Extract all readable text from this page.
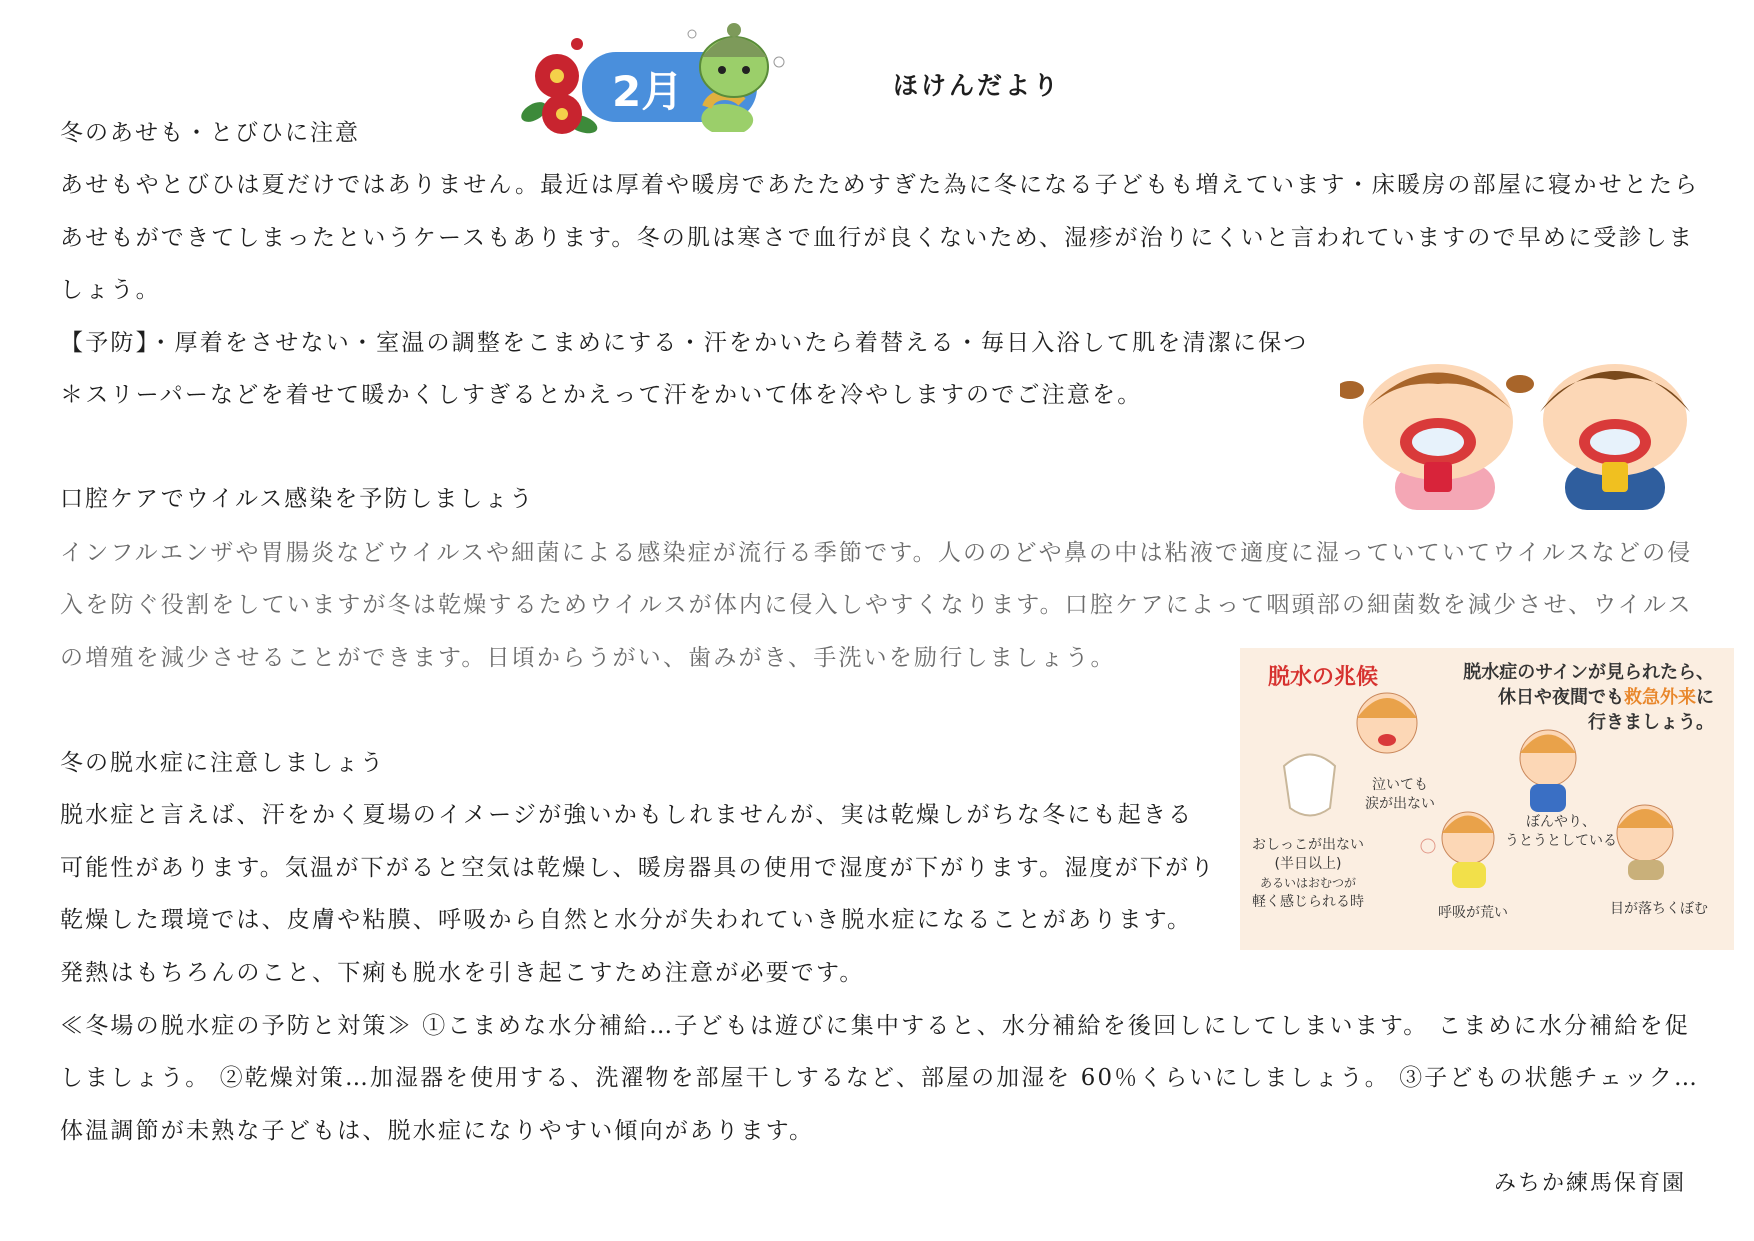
2月	ほけんだより
冬のあせも・とびひに注意
あせもやとびひは夏だけではありません。最近は厚着や暖房であたためすぎた為に冬になる子どもも増えています・床暖房の部屋に寝かせとたら
あせもができてしまったというケースもあります。冬の肌は寒さで血行が良くないため、湿疹が治りにくいと言われていますので早めに受診しま
しょう。
【予防】・厚着をさせない・室温の調整をこまめにする・汗をかいたら着替える・毎日入浴して肌を清潔に保つ
＊スリーパーなどを着せて暖かくしすぎるとかえって汗をかいて体を冷やしますのでご注意を。
口腔ケアでウイルス感染を予防しましょう
インフルエンザや胃腸炎などウイルスや細菌による感染症が流行る季節です。人ののどや鼻の中は粘液で適度に湿っていていてウイルスなどの侵
入を防ぐ役割をしていますが冬は乾燥するためウイルスが体内に侵入しやすくなります。口腔ケアによって咽頭部の細菌数を減少させ、ウイルス
の増殖を減少させることができます。日頃からうがい、歯みがき、手洗いを励行しましょう。
脱水の兆候	脱水症のサインが見られたら、
休日や夜間でも救急外来に
行きましょう。
泣いても
涙が出ない
おしっこが出ない
(半日以上)
あるいはおむつが
軽く感じられる時
ぼんやり、
うとうとしている
呼吸が荒い	目が落ちくぼむ
冬の脱水症に注意しましょう
脱水症と言えば、汗をかく夏場のイメージが強いかもしれませんが、実は乾燥しがちな冬にも起きる
可能性があります。気温が下がると空気は乾燥し、暖房器具の使用で湿度が下がります。湿度が下がり
乾燥した環境では、皮膚や粘膜、呼吸から自然と水分が失われていき脱水症になることがあります。
発熱はもちろんのこと、下痢も脱水を引き起こすため注意が必要です。
≪冬場の脱水症の予防と対策≫ ①こまめな水分補給…子どもは遊びに集中すると、水分補給を後回しにしてしまいます。 こまめに水分補給を促
しましょう。 ②乾燥対策…加湿器を使用する、洗濯物を部屋干しするなど、部屋の加湿を 60％くらいにしましょう。 ③子どもの状態チェック…
体温調節が未熟な子どもは、脱水症になりやすい傾向があります。
みちか練馬保育園
